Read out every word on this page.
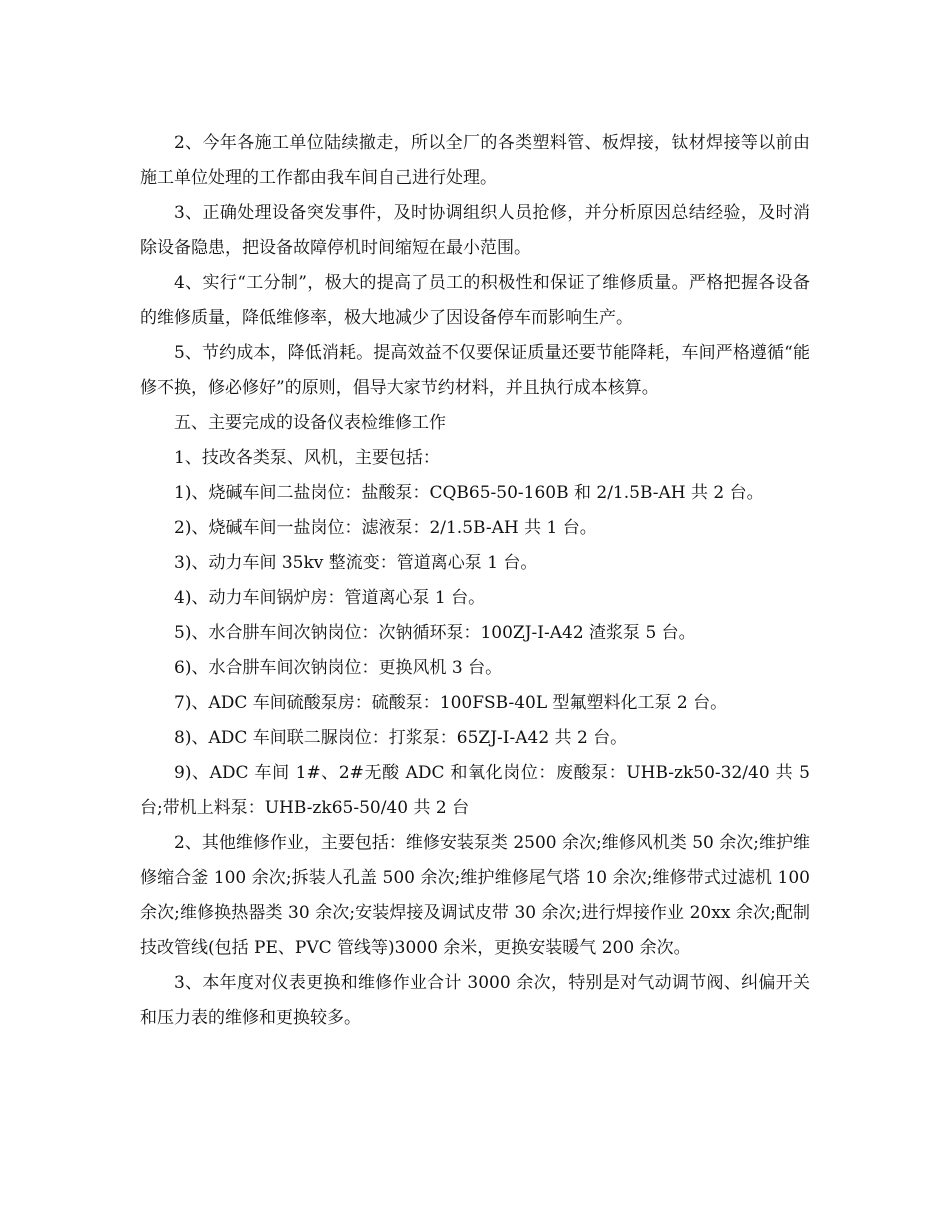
2、今年各施工单位陆续撤走，所以全厂的各类塑料管、板焊接，钛材焊接等以前由施工单位处理的工作都由我车间自己进行处理。

3、正确处理设备突发事件，及时协调组织人员抢修，并分析原因总结经验，及时消除设备隐患，把设备故障停机时间缩短在最小范围。

4、实行“工分制”，极大的提高了员工的积极性和保证了维修质量。严格把握各设备的维修质量，降低维修率，极大地减少了因设备停车而影响生产。

5、节约成本，降低消耗。提高效益不仅要保证质量还要节能降耗，车间严格遵循“能修不换，修必修好”的原则，倡导大家节约材料，并且执行成本核算。

五、主要完成的设备仪表检维修工作

1、技改各类泵、风机，主要包括：

1)、烧碱车间二盐岗位：盐酸泵：CQB65-50-160B 和 2/1.5B-AH 共 2 台。

2)、烧碱车间一盐岗位：滤液泵：2/1.5B-AH 共 1 台。

3)、动力车间 35kv 整流变：管道离心泵 1 台。

4)、动力车间锅炉房：管道离心泵 1 台。

5)、水合肼车间次钠岗位：次钠循环泵：100ZJ-I-A42 渣浆泵 5 台。

6)、水合肼车间次钠岗位：更换风机 3 台。

7)、ADC 车间硫酸泵房：硫酸泵：100FSB-40L 型氟塑料化工泵 2 台。

8)、ADC 车间联二脲岗位：打浆泵：65ZJ-I-A42 共 2 台。

9)、ADC 车间 1#、2#无酸 ADC 和氧化岗位：废酸泵：UHB-zk50-32/40 共 5 台;带机上料泵：UHB-zk65-50/40 共 2 台

2、其他维修作业，主要包括：维修安装泵类 2500 余次;维修风机类 50 余次;维护维修缩合釜 100 余次;拆装人孔盖 500 余次;维护维修尾气塔 10 余次;维修带式过滤机 100 余次;维修换热器类 30 余次;安装焊接及调试皮带 30 余次;进行焊接作业 20xx 余次;配制技改管线(包括 PE、PVC 管线等)3000 余米，更换安装暖气 200 余次。

3、本年度对仪表更换和维修作业合计 3000 余次，特别是对气动调节阀、纠偏开关和压力表的维修和更换较多。
